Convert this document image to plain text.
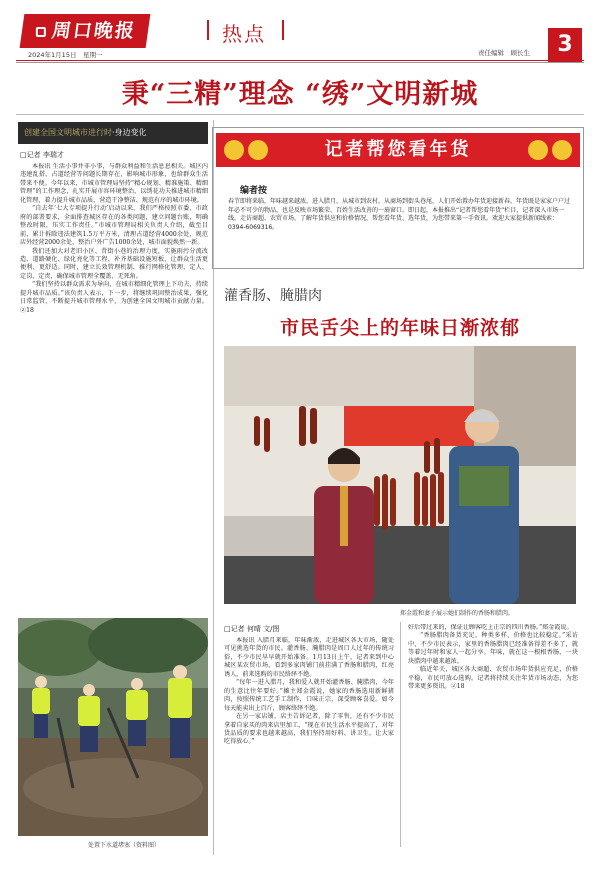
周口晚报
2024年1月15日　星期一
热点
责任编辑　顾长生	3
秉“三精”理念 “绣”文明新城
创建全国文明城市进行时·身边变化
□记者 李瑞才

本报讯 生活小事并非小事，与群众利益和生活息息相关。城区内违建乱搭、占道经营等问题长期存在，影响城市形象，也给群众生活带来不便。今年以来，市城市管理局坚持“精心规划、精准施策、精细管理”的工作理念，扎实开展市容环境整治，以绣花功夫推进城市精细化管理，着力提升城市品质，营造干净整洁、规范有序的城市环境。

“自去年‘七大专项提升行动’启动以来，我们严格按照市委、市政府的部署要求，全面排查城区存在的各类问题，建立问题台账，明确整改时限，压实工作责任。”市城市管理局相关负责人介绍，截至目前，累计拆除违法建筑1.5万平方米，清理占道经营4000余处，规范店外经营2000余处，整治户外广告1000余处，城市面貌焕然一新。

我们还加大对老旧小区、背街小巷的治理力度，实施雨污分流改造、道路硬化、绿化亮化等工程，补齐基础设施短板，让群众生活更便利、更舒适。同时，建立长效管理机制，推行网格化管理，定人、定岗、定责，确保城市管理全覆盖、无死角。

“我们坚持以群众需求为导向，在城市精细化管理上下功夫，持续提升城市品质。”该负责人表示，下一步，将继续巩固整治成果，强化日常监管，不断提升城市管理水平，为创建全国文明城市贡献力量。②18

处置下水道堵塞（资料图）
记者帮您看年货
编者按
春节即将来临，年味越来越浓。进入腊月，从城市到农村，从商场到街头巷尾，人们开始置办年货迎接新春。年货既是家家户户过年必不可少的物品，也是反映市场繁荣、百姓生活改善的一扇窗口。即日起，本报推出“记者帮您看年货”栏目，记者深入市场一线，走访商超、农贸市场，了解年货供应和价格情况，帮您看年货、选年货，为您带来第一手资讯。欢迎大家提供新闻线索：0394-6069316。
灌香肠、腌腊肉
市民舌尖上的年味日渐浓郁
郑金霞和妻子展示她们制作的香肠和腊肉。
□记者 何晴 文/图

本报讯 入腊月来临，年味渐浓，走进城区各大市场，随处可见挑选年货的市民。灌香肠、腌腊肉是周口人过年的传统习俗，不少市民早早就开始准备。1月13日上午，记者来到中心城区某农贸市场，看到多家肉铺门前挂满了香肠和腊肉，红亮诱人，前来选购的市民络绎不绝。

“每年一进入腊月，我和爱人就开始灌香肠、腌腊肉，今年的生意比往年要好。”摊主郑金霞说，她家的香肠选用新鲜猪肉，按照传统工艺手工制作，口味正宗，深受顾客喜爱。如今每天能卖出上百斤，顾客络绎不绝。

在另一家店铺，店主告诉记者，除了零售，还有不少市民拿着自家买的肉来店里加工，“现在市民生活水平提高了，对年货品质的要求也越来越高，我们坚持用好料、讲卫生，让大家吃得放心。”

好后带过来的，保证让顾客吃上正宗的四川香肠。”郑金霞说。

“香肠腊肉备货充足，种类多样，价格也比较稳定。”采访中，不少市民表示，家里的香肠腊肉已经准备得差不多了，就等着过年时和家人一起分享。年味，就在这一根根香肠、一块块腊肉中越来越浓。

临近年关，城区各大商超、农贸市场年货供应充足，价格平稳，市民可放心选购。记者将持续关注年货市场动态，为您带来更多资讯。②18
